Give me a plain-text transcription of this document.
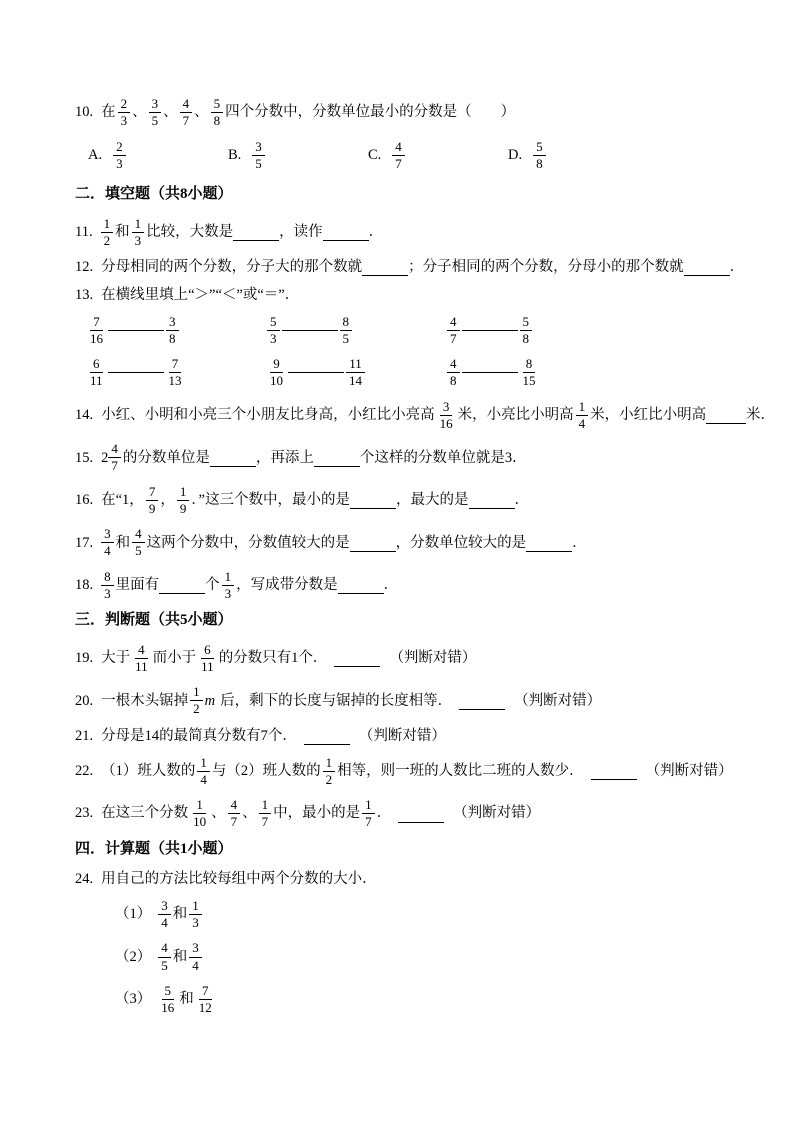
10. 在 $\frac{2}{3}$ 、 $\frac{3}{5}$ 、 $\frac{4}{7}$ 、 $\frac{5}{8}$ 四个分数中，分数单位最小的分数是（　　）
A. $\frac{2}{3}$	B. $\frac{3}{5}$	C. $\frac{4}{7}$	D. $\frac{5}{8}$
二．填空题（共8小题）
11. $\frac{1}{2}$ 和 $\frac{1}{3}$ 比较，大数是	，读作	．
12. 分母相同的两个分数，分子大的那个数就	；分子相同的两个分数，分母小的那个数就	．
13. 在横线里填上“＞”“＜”或“＝”．
$\frac{7}{16}$	$\frac{3}{8}$	$\frac{5}{3}$	$\frac{8}{5}$	$\frac{4}{7}$	$\frac{5}{8}$
$\frac{6}{11}$	$\frac{7}{13}$	$\frac{9}{10}$	$\frac{11}{14}$	$\frac{4}{8}$	$\frac{8}{15}$
14. 小红、小明和小亮三个小朋友比身高，小红比小亮高 $\frac{3}{16}$ 米，小亮比小明高 $\frac{1}{4}$ 米，小红比小明高	米．
15. $2 \frac{4}{7}$ 的分数单位是	，再添上	个这样的分数单位就是3．
16. 在“1， $\frac{7}{9}$ ， $\frac{1}{9}$ ．”这三个数中，最小的是	，最大的是	．
17. $\frac{3}{4}$ 和 $\frac{4}{5}$ 这两个分数中，分数值较大的是	，分数单位较大的是	．
18. $\frac{8}{3}$ 里面有	个 $\frac{1}{3}$ ，写成带分数是	．
三．判断题（共5小题）
19. 大于 $\frac{4}{11}$ 而小于 $\frac{6}{11}$ 的分数只有1个．	（判断对错）
20. 一根木头锯掉 $\frac{1}{2}$ m 后，剩下的长度与锯掉的长度相等．	（判断对错）
21. 分母是14的最简真分数有7个．	（判断对错）
22. （1）班人数的 $\frac{1}{4}$ 与（2）班人数的 $\frac{1}{2}$ 相等，则一班的人数比二班的人数少．	（判断对错）
23. 在这三个分数 $\frac{1}{10}$ 、 $\frac{4}{7}$ 、 $\frac{1}{7}$ 中，最小的是 $\frac{1}{7}$ ．	（判断对错）
四．计算题（共1小题）
24. 用自己的方法比较每组中两个分数的大小．
$(1) \frac{3}{4}$ 和 $\frac{1}{3}$
$(2) \frac{4}{5}$ 和 $\frac{3}{4}$
$(3) \frac{5}{16}$ 和 $\frac{7}{12}$
